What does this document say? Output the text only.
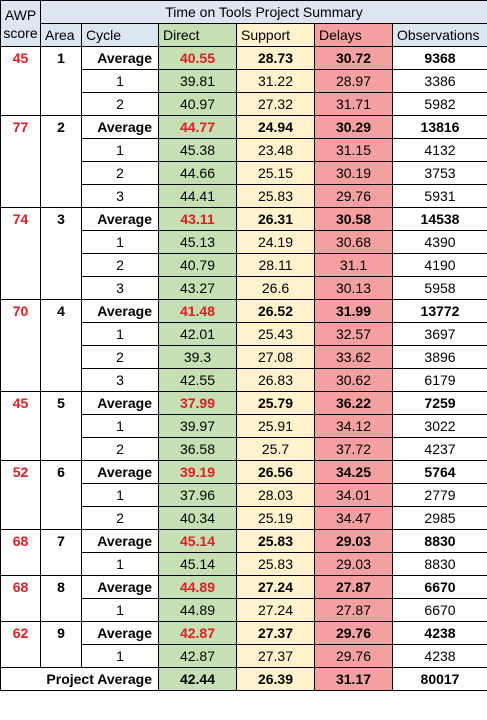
AWP score	Time on Tools Project Summary					
	Area	Cycle	Direct	Support	Delays	Observations
45	1	Average	40.55	28.73	30.72	9368
		1	39.81	31.22	28.97	3386
		2	40.97	27.32	31.71	5982
77	2	Average	44.77	24.94	30.29	13816
		1	45.38	23.48	31.15	4132
		2	44.66	25.15	30.19	3753
		3	44.41	25.83	29.76	5931
74	3	Average	43.11	26.31	30.58	14538
		1	45.13	24.19	30.68	4390
		2	40.79	28.11	31.1	4190
		3	43.27	26.6	30.13	5958
70	4	Average	41.48	26.52	31.99	13772
		1	42.01	25.43	32.57	3697
		2	39.3	27.08	33.62	3896
		3	42.55	26.83	30.62	6179
45	5	Average	37.99	25.79	36.22	7259
		1	39.97	25.91	34.12	3022
		2	36.58	25.7	37.72	4237
52	6	Average	39.19	26.56	34.25	5764
		1	37.96	28.03	34.01	2779
		2	40.34	25.19	34.47	2985
68	7	Average	45.14	25.83	29.03	8830
		1	45.14	25.83	29.03	8830
68	8	Average	44.89	27.24	27.87	6670
		1	44.89	27.24	27.87	6670
62	9	Average	42.87	27.37	29.76	4238
		1	42.87	27.37	29.76	4238
Project Average			42.44	26.39	31.17	80017
